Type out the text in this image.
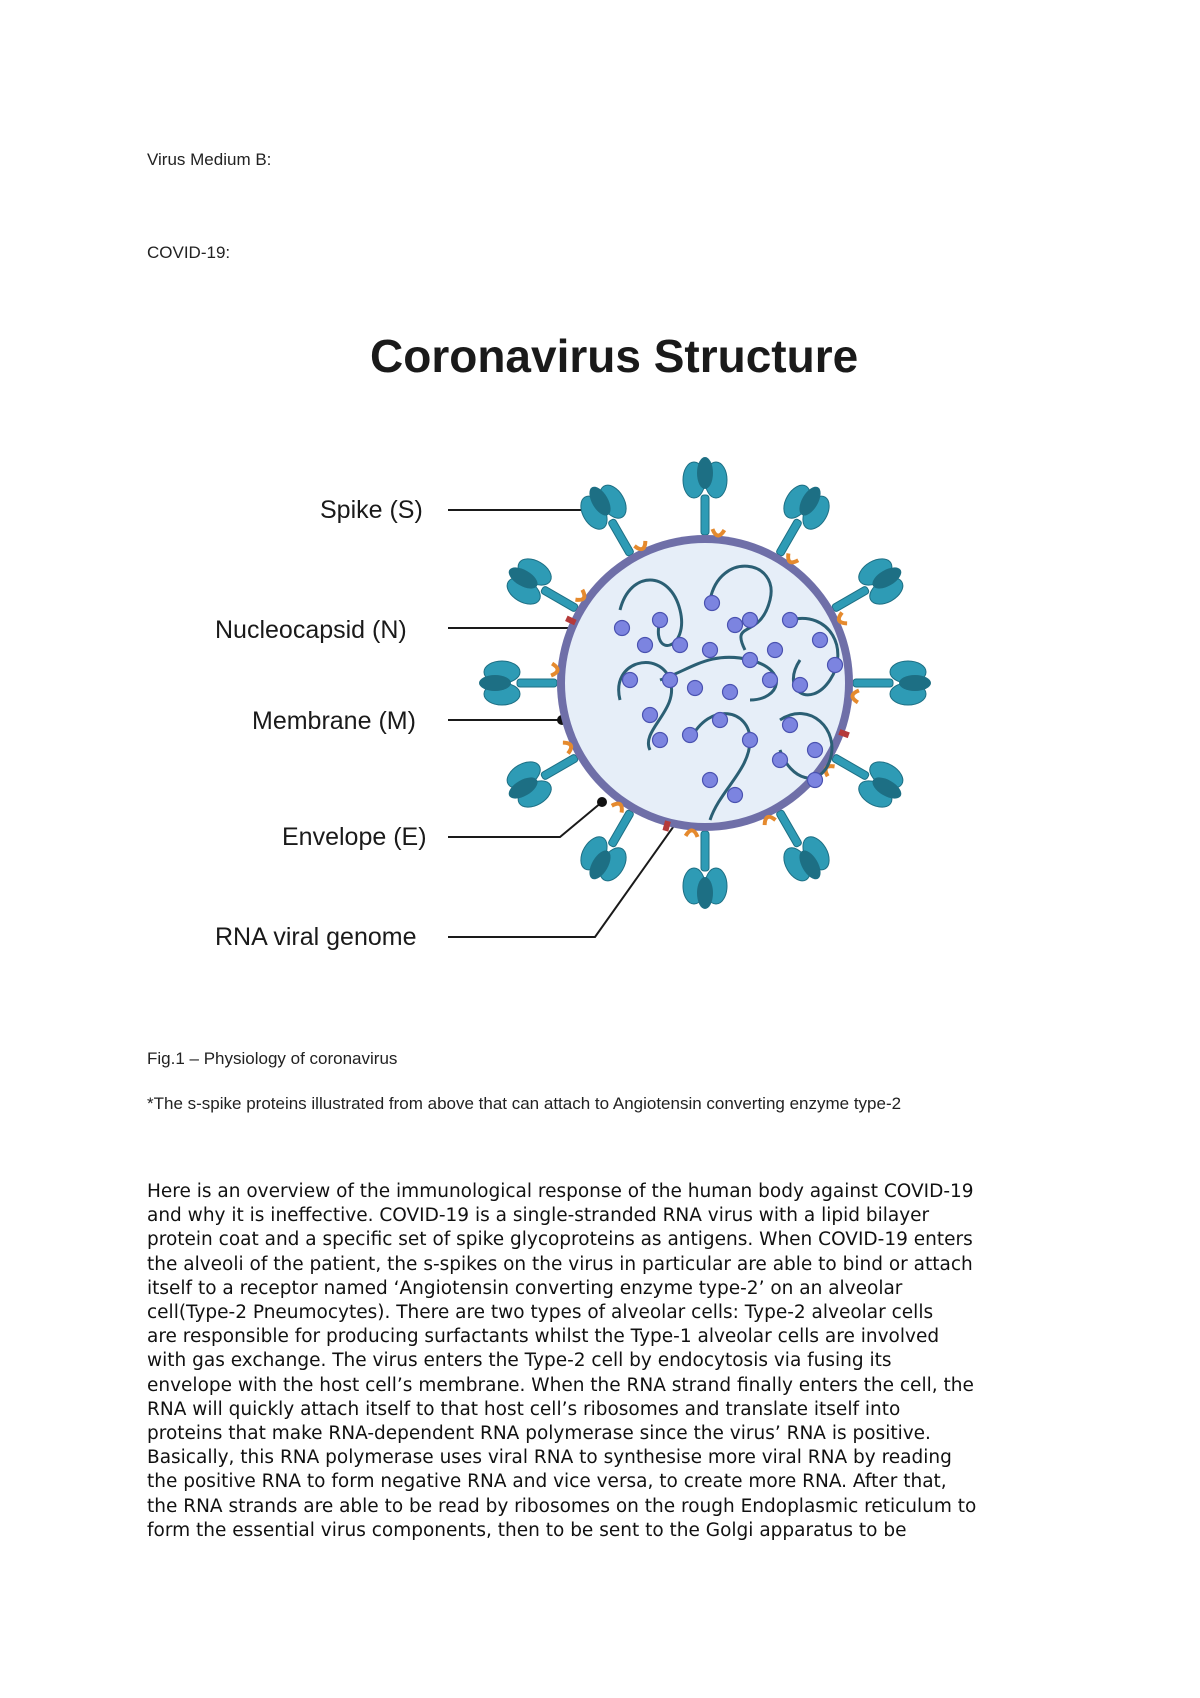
Virus Medium B:
COVID-19:
Coronavirus Structure
Spike (S)
Nucleocapsid (N)
Membrane (M)
Envelope (E)
RNA viral genome
Fig.1 – Physiology of coronavirus
*The s-spike proteins illustrated from above that can attach to Angiotensin converting enzyme type-2
Here is an overview of the immunological response of the human body against COVID-19
and why it is ineffective. COVID-19 is a single-stranded RNA virus with a lipid bilayer
protein coat and a specific set of spike glycoproteins as antigens. When COVID-19 enters
the alveoli of the patient, the s-spikes on the virus in particular are able to bind or attach
itself to a receptor named ‘Angiotensin converting enzyme type-2’ on an alveolar
cell(Type-2 Pneumocytes). There are two types of alveolar cells: Type-2 alveolar cells
are responsible for producing surfactants whilst the Type-1 alveolar cells are involved
with gas exchange. The virus enters the Type-2 cell by endocytosis via fusing its
envelope with the host cell’s membrane. When the RNA strand finally enters the cell, the
RNA will quickly attach itself to that host cell’s ribosomes and translate itself into
proteins that make RNA-dependent RNA polymerase since the virus’ RNA is positive.
Basically, this RNA polymerase uses viral RNA to synthesise more viral RNA by reading
the positive RNA to form negative RNA and vice versa, to create more RNA. After that,
the RNA strands are able to be read by ribosomes on the rough Endoplasmic reticulum to
form the essential virus components, then to be sent to the Golgi apparatus to be
